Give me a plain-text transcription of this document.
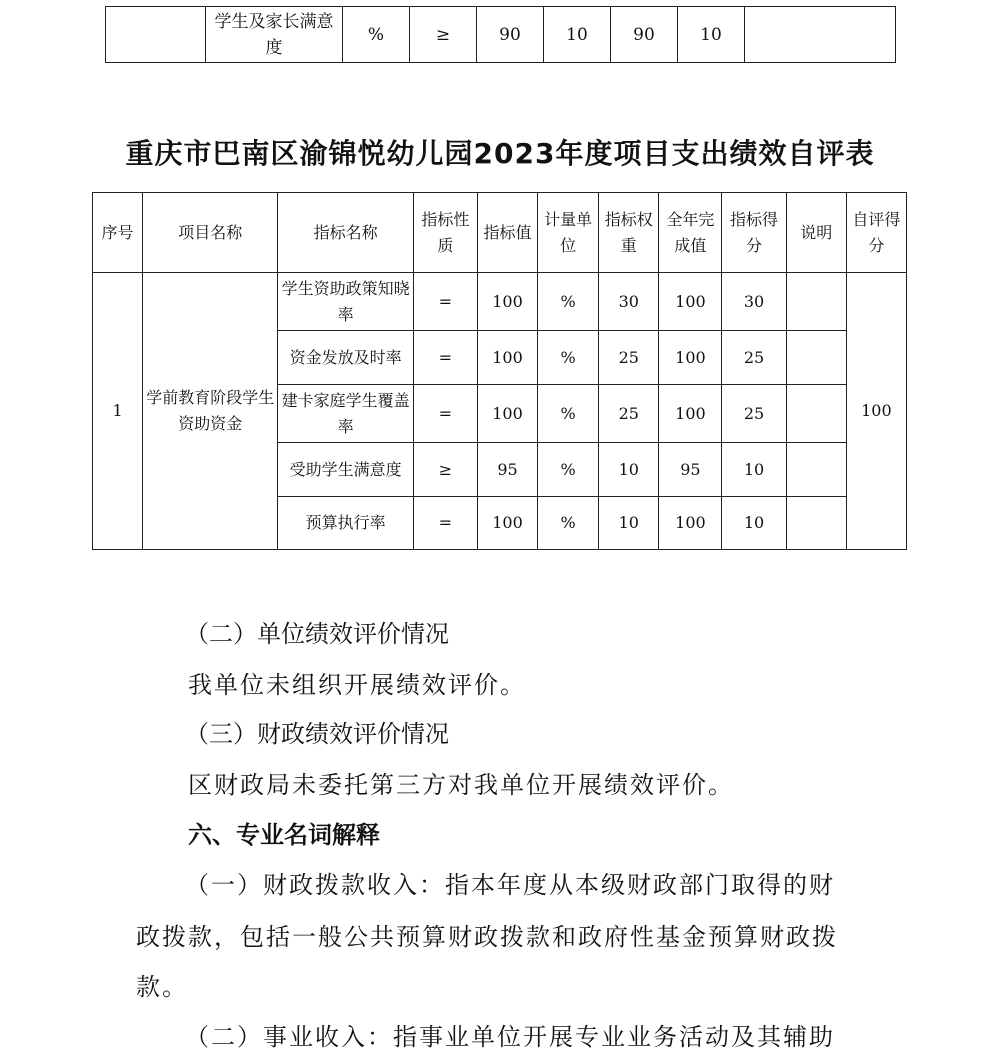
	学生及家长满意度	%	≥	90	10	90	10	
重庆市巴南区渝锦悦幼儿园2023年度项目支出绩效自评表
序号	项目名称	指标名称	指标性质	指标值	计量单位	指标权重	全年完成值	指标得分	说明	自评得分
1	学前教育阶段学生资助资金	学生资助政策知晓率	=	100	%	30	100	30		100
		资金发放及时率	=	100	%	25	100	25		
		建卡家庭学生覆盖率	=	100	%	25	100	25		
		受助学生满意度	≥	95	%	10	95	10		
		预算执行率	=	100	%	10	100	10		
（二）单位绩效评价情况
我单位未组织开展绩效评价。
（三）财政绩效评价情况
区财政局未委托第三方对我单位开展绩效评价。
六、专业名词解释
（一）财政拨款收入：指本年度从本级财政部门取得的财
政拨款，包括一般公共预算财政拨款和政府性基金预算财政拨
款。
（二）事业收入：指事业单位开展专业业务活动及其辅助
